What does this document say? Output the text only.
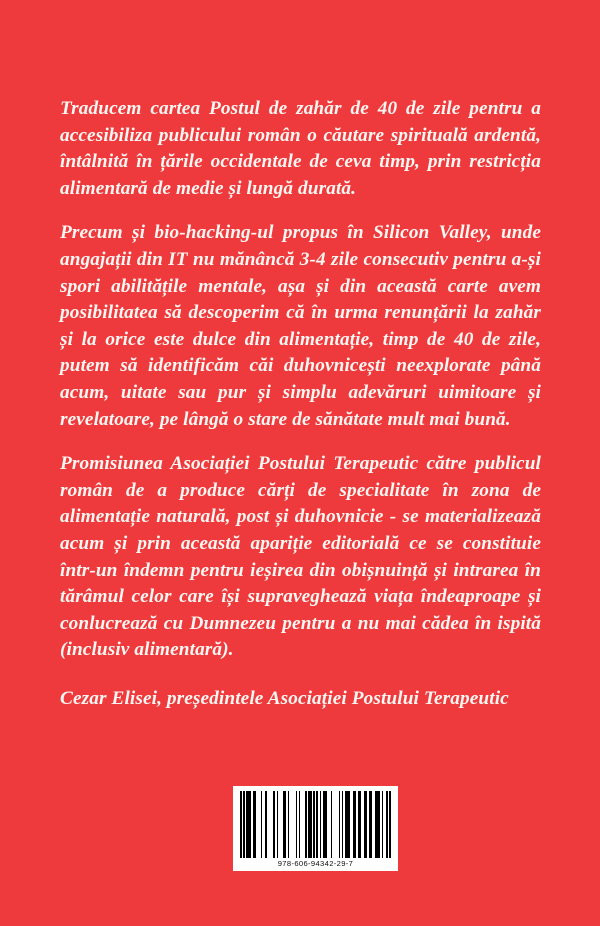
Traducem cartea Postul de zahăr de 40 de zile pentru a accesibiliza publicului român o căutare spirituală ardentă, întâlnită în țările occidentale de ceva timp, prin restricția alimentară de medie și lungă durată.

Precum și bio-hacking-ul propus în Silicon Valley, unde angajații din IT nu mănâncă 3-4 zile consecutiv pentru a-și spori abilitățile mentale, așa și din această carte avem posibilitatea să descoperim că în urma renunțării la zahăr și la orice este dulce din alimentație, timp de 40 de zile, putem să identificăm căi duhovnicești neexplorate până acum, uitate sau pur și simplu adevăruri uimitoare și revelatoare, pe lângă o stare de sănătate mult mai bună.

Promisiunea Asociației Postului Terapeutic către publicul român de a produce cărți de specialitate în zona de alimentație naturală, post și duhovnicie - se materializează acum și prin această apariție editorială ce se constituie într-un îndemn pentru ieșirea din obișnuință și intrarea în tărâmul celor care își supraveghează viața îndeaproape și conlucrează cu Dumnezeu pentru a nu mai cădea în ispită (inclusiv alimentară).

Cezar Elisei, președintele Asociației Postului Terapeutic
978-606-94342-29-7
